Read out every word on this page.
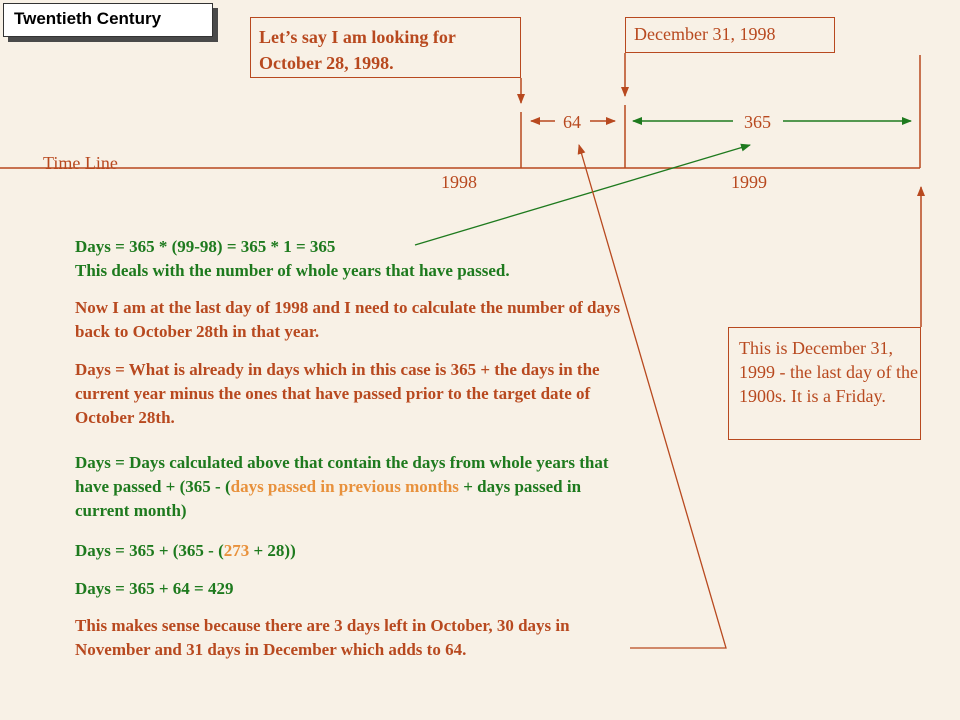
Twentieth Century
Let’s say I am looking for October 28, 1998.
December 31, 1998
This is December 31, 1999 - the last day of the 1900s. It is a Friday.
Time Line
1998	1999
64	365
Days = 365 * (99-98) = 365 * 1 = 365
This deals with the number of whole years that have passed.
Now I am at the last day of 1998 and I need to calculate the number of days back to October 28th in that year.
Days = What is already in days which in this case is 365 + the days in the current year minus the ones that have passed prior to the target date of October 28th.
Days = Days calculated above that contain the days from whole years that have passed + (365 - (days passed in previous months + days passed in current month)
Days = 365 + (365 - (273 + 28))
Days = 365 + 64 = 429
This makes sense because there are 3 days left in October, 30 days in November and 31 days in December which adds to 64.
